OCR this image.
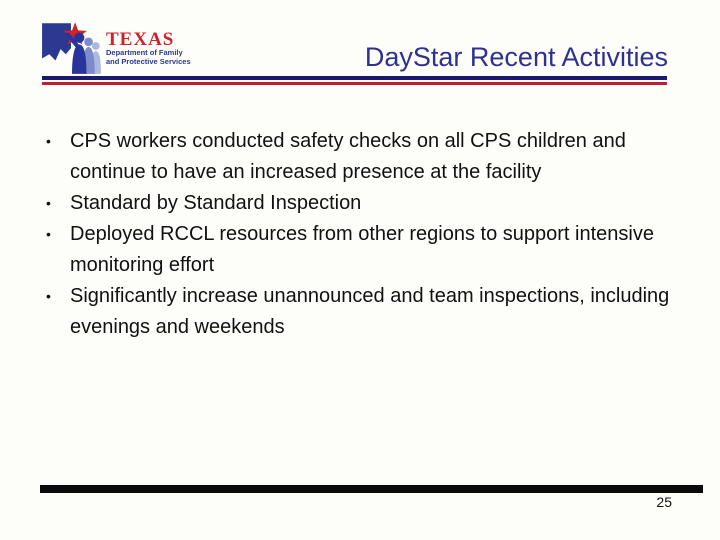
TEXAS
Department of Family
and Protective Services	DayStar Recent Activities
• CPS workers conducted safety checks on all CPS children and continue to have an increased presence at the facility
• Standard by Standard Inspection
• Deployed RCCL resources from other regions to support intensive monitoring effort
• Significantly increase unannounced and team inspections, including evenings and weekends
25
